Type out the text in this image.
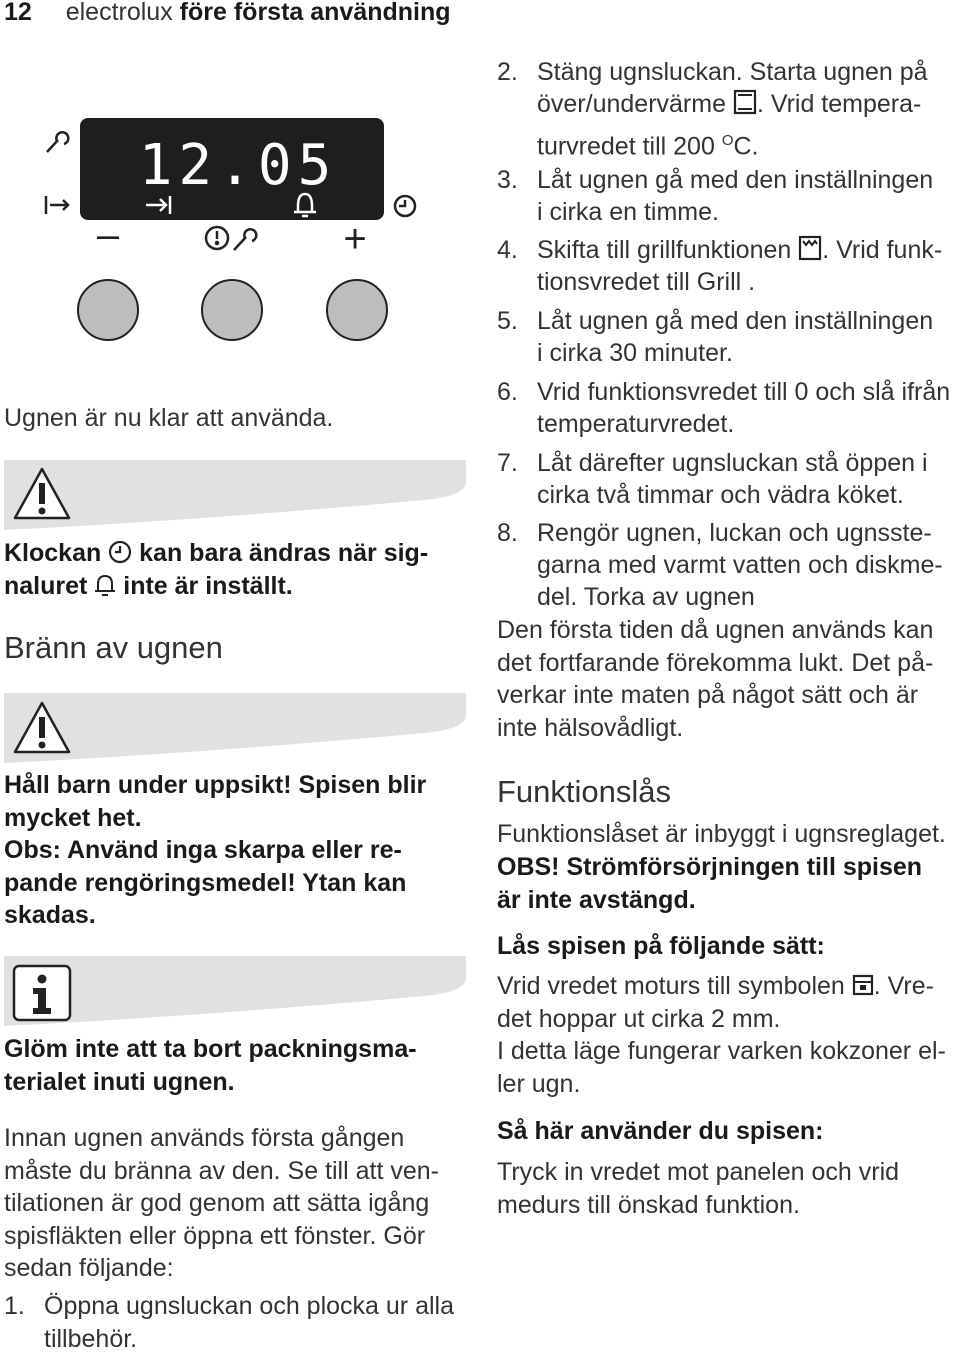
12 electrolux före första användning
12.05
–	+
Ugnen är nu klar att använda.
Klockan  kan bara ändras när sig-
naluret  inte är inställt.
Bränn av ugnen
Håll barn under uppsikt! Spisen blir
mycket het.
Obs: Använd inga skarpa eller re-
pande rengöringsmedel! Ytan kan
skadas.
Glöm inte att ta bort packningsma-
terialet inuti ugnen.
Innan ugnen används första gången
måste du bränna av den. Se till att ven-
tilationen är god genom att sätta igång
spisfläkten eller öppna ett fönster. Gör
sedan följande:
1. Öppna ugnsluckan och plocka ur alla
tillbehör.
2. Stäng ugnsluckan. Starta ugnen på
över/undervärme . Vrid tempera-
turvredet till 200 $^O$C.
3. Låt ugnen gå med den inställningen
i cirka en timme.
4. Skifta till grillfunktionen . Vrid funk-
tionsvredet till Grill .
5. Låt ugnen gå med den inställningen
i cirka 30 minuter.
6. Vrid funktionsvredet till 0 och slå ifrån
temperaturvredet.
7. Låt därefter ugnsluckan stå öppen i
cirka två timmar och vädra köket.
8. Rengör ugnen, luckan och ugnsste-
garna med varmt vatten och diskme-
del. Torka av ugnen
Den första tiden då ugnen används kan
det fortfarande förekomma lukt. Det på-
verkar inte maten på något sätt och är
inte hälsovådligt.
Funktionslås
Funktionslåset är inbyggt i ugnsreglaget.
OBS! Strömförsörjningen till spisen
är inte avstängd.
Lås spisen på följande sätt:
Vrid vredet moturs till symbolen . Vre-
det hoppar ut cirka 2 mm.
I detta läge fungerar varken kokzoner el-
ler ugn.
Så här använder du spisen:
Tryck in vredet mot panelen och vrid
medurs till önskad funktion.
